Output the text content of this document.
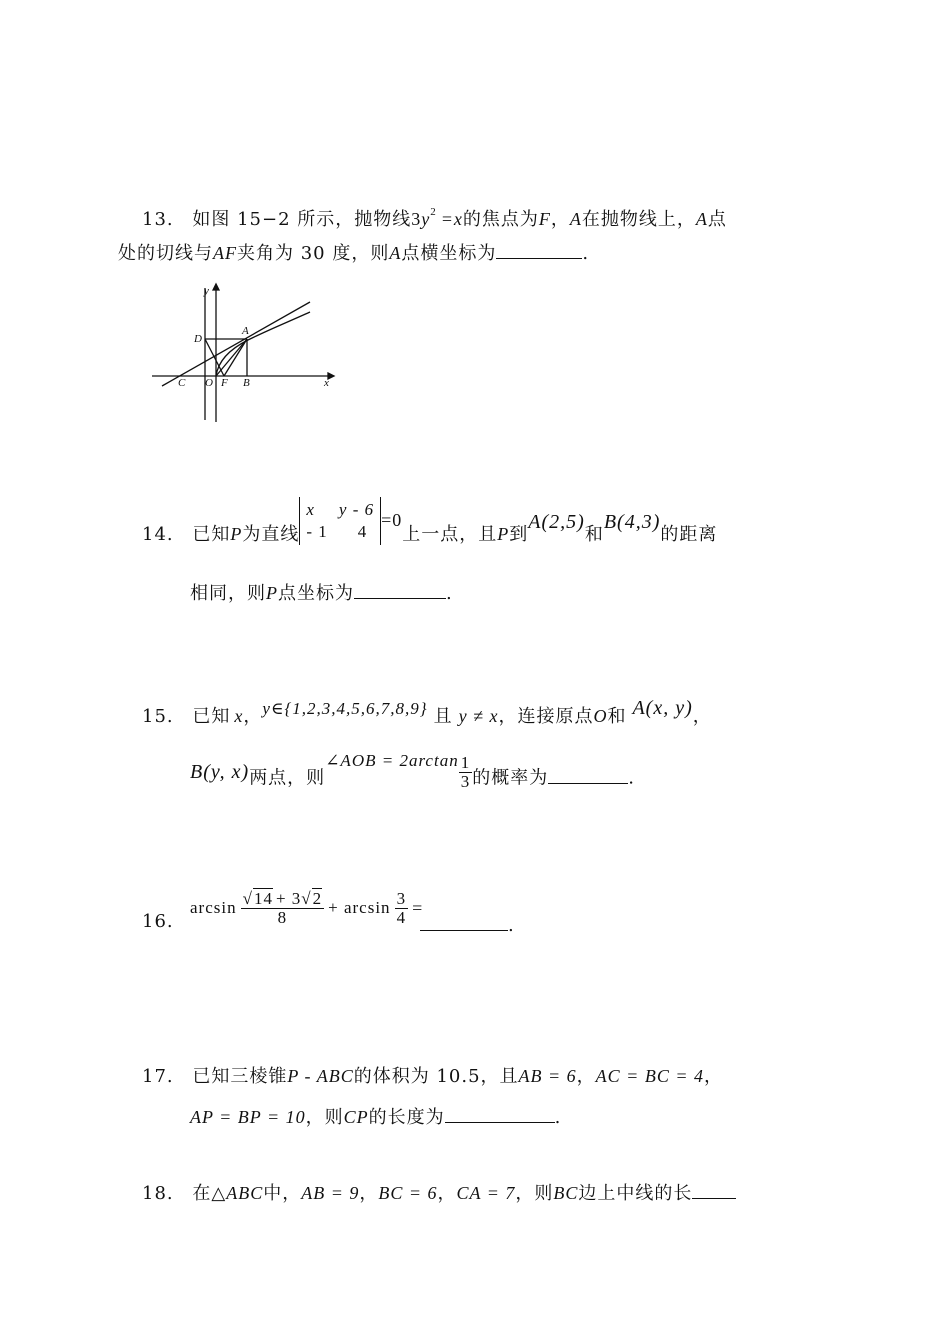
13. 如图 15−2 所示，抛物线$3y^2 =x$的焦点为F，A在抛物线上，A点
处的切线与AF夹角为 30 度，则A点横坐标为	.
y
x
D
A
C O F B
14. 已知P为直线
x y - 6
- 1 4
=0上一点，且P到A(2,5)和B(4,3)的距离
相同，则P点坐标为	.
15. 已知 x，y∈{1,2,3,4,5,6,7,8,9} 且 y ≠ x，连接原点O和 A(x, y)，
B(y, x)两点，则∠AOB = $2\arctan \frac{1}{3}$ 的概率为	.
16.
$\arcsin \frac{√14 + 3√2}{8} + \arcsin \frac{3}{4}$ =
.
17. 已知三棱锥P - ABC的体积为 10.5，且AB = 6，AC = BC = 4，
AP = BP = 10，则CP的长度为	.
18. 在△ABC中，AB = 9，BC = 6，CA = 7，则BC边上中线的长
